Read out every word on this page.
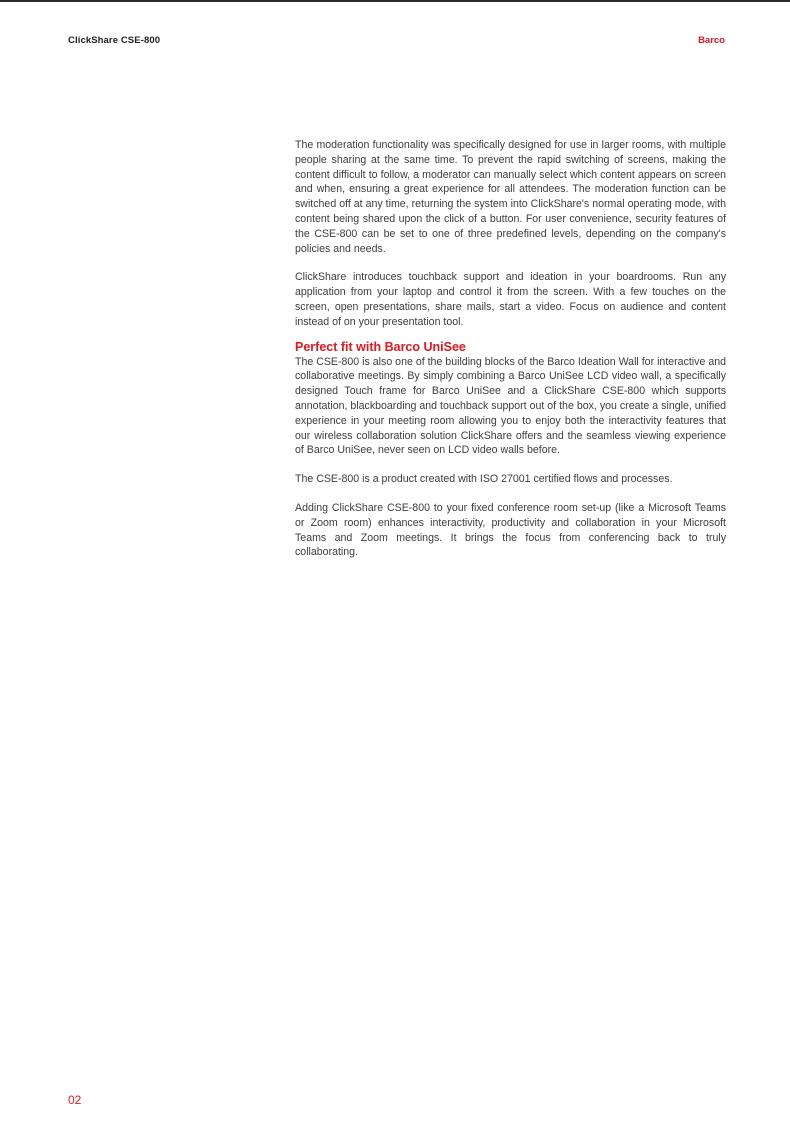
ClickShare CSE-800	Barco

The moderation functionality was specifically designed for use in larger rooms, with multiple people sharing at the same time. To prevent the rapid switching of screens, making the content difficult to follow, a moderator can manually select which content appears on screen and when, ensuring a great experience for all attendees. The moderation function can be switched off at any time, returning the system into ClickShare's normal operating mode, with content being shared upon the click of a button. For user convenience, security features of the CSE-800 can be set to one of three predefined levels, depending on the company's policies and needs.

ClickShare introduces touchback support and ideation in your boardrooms. Run any application from your laptop and control it from the screen. With a few touches on the screen, open presentations, share mails, start a video. Focus on audience and content instead of on your presentation tool.

Perfect fit with Barco UniSee

The CSE-800 is also one of the building blocks of the Barco Ideation Wall for interactive and collaborative meetings. By simply combining a Barco UniSee LCD video wall, a specifically designed Touch frame for Barco UniSee and a ClickShare CSE-800 which supports annotation, blackboarding and touchback support out of the box, you create a single, unified experience in your meeting room allowing you to enjoy both the interactivity features that our wireless collaboration solution ClickShare offers and the seamless viewing experience of Barco UniSee, never seen on LCD video walls before.

The CSE-800 is a product created with ISO 27001 certified flows and processes.

Adding ClickShare CSE-800 to your fixed conference room set-up (like a Microsoft Teams or Zoom room) enhances interactivity, productivity and collaboration in your Microsoft Teams and Zoom meetings. It brings the focus from conferencing back to truly collaborating.

02
